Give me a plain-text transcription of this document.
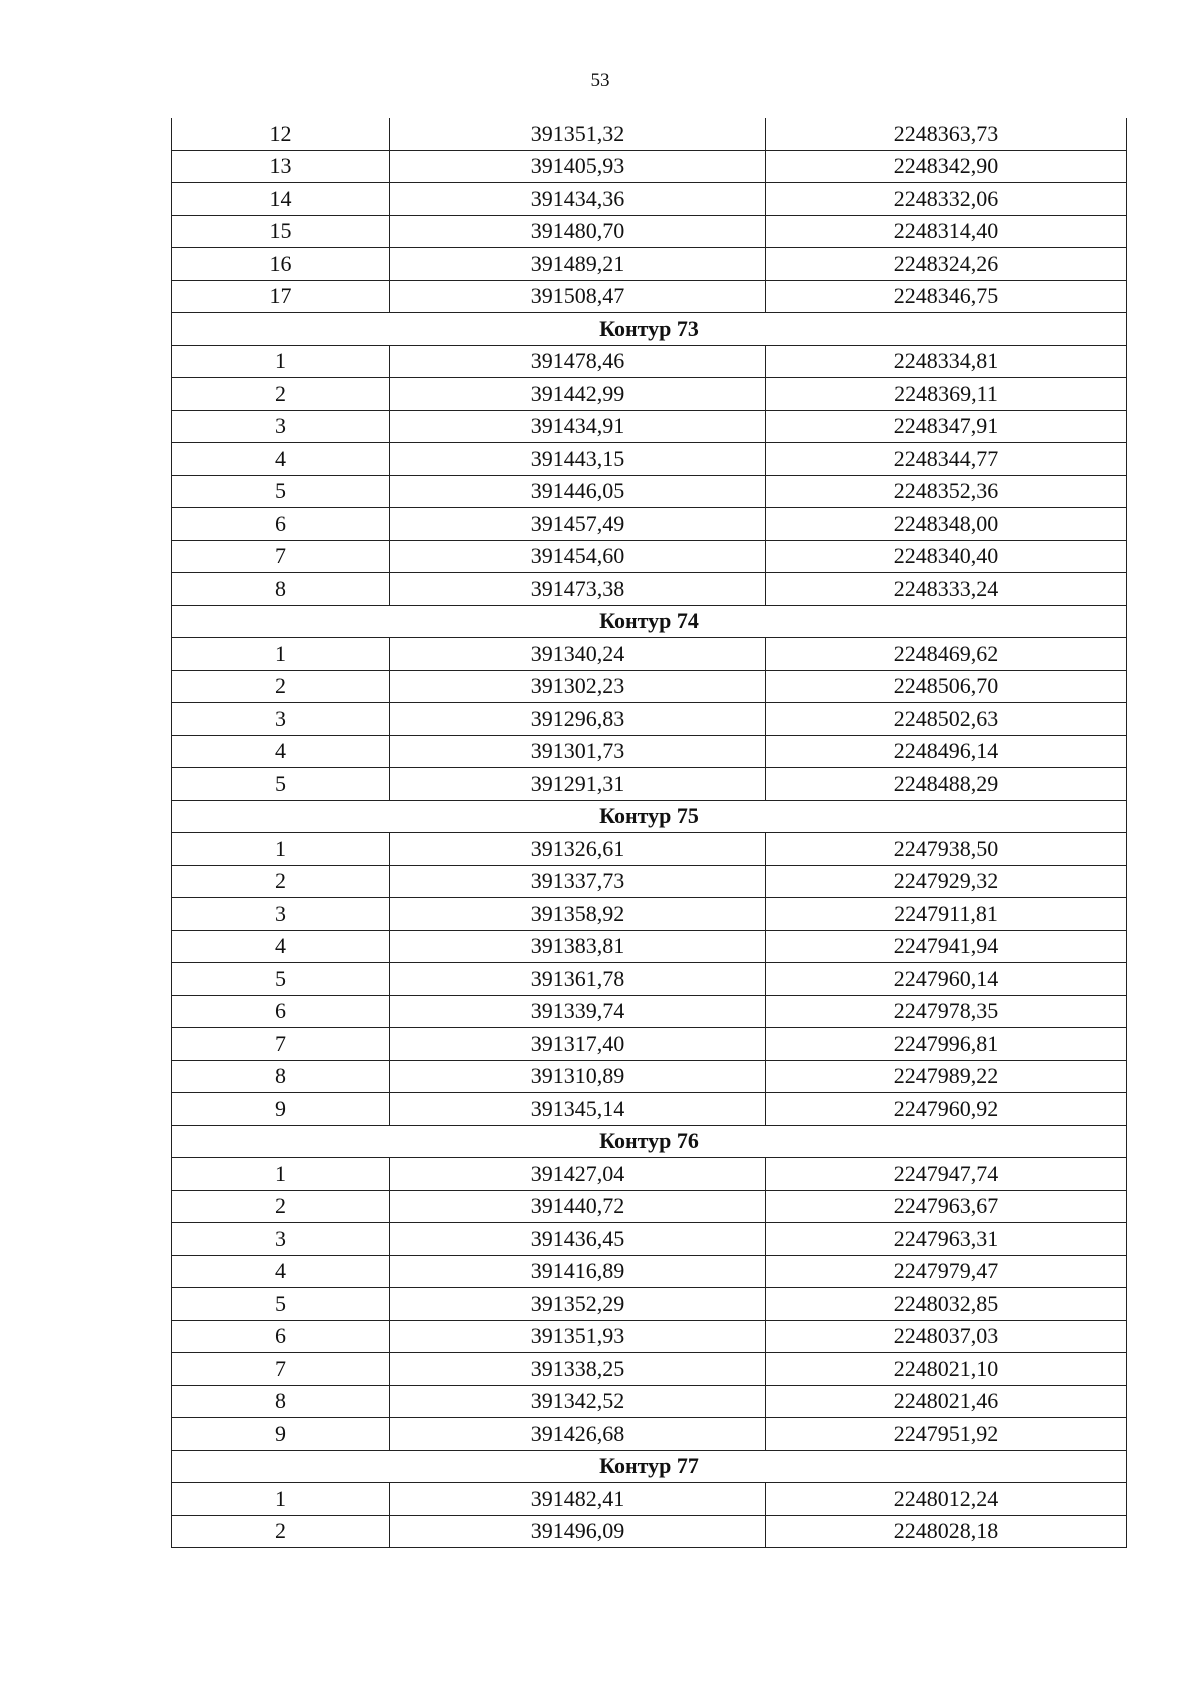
53
12	391351,32	2248363,73
13	391405,93	2248342,90
14	391434,36	2248332,06
15	391480,70	2248314,40
16	391489,21	2248324,26
17	391508,47	2248346,75
Контур 73		
1	391478,46	2248334,81
2	391442,99	2248369,11
3	391434,91	2248347,91
4	391443,15	2248344,77
5	391446,05	2248352,36
6	391457,49	2248348,00
7	391454,60	2248340,40
8	391473,38	2248333,24
Контур 74		
1	391340,24	2248469,62
2	391302,23	2248506,70
3	391296,83	2248502,63
4	391301,73	2248496,14
5	391291,31	2248488,29
Контур 75		
1	391326,61	2247938,50
2	391337,73	2247929,32
3	391358,92	2247911,81
4	391383,81	2247941,94
5	391361,78	2247960,14
6	391339,74	2247978,35
7	391317,40	2247996,81
8	391310,89	2247989,22
9	391345,14	2247960,92
Контур 76		
1	391427,04	2247947,74
2	391440,72	2247963,67
3	391436,45	2247963,31
4	391416,89	2247979,47
5	391352,29	2248032,85
6	391351,93	2248037,03
7	391338,25	2248021,10
8	391342,52	2248021,46
9	391426,68	2247951,92
Контур 77		
1	391482,41	2248012,24
2	391496,09	2248028,18
